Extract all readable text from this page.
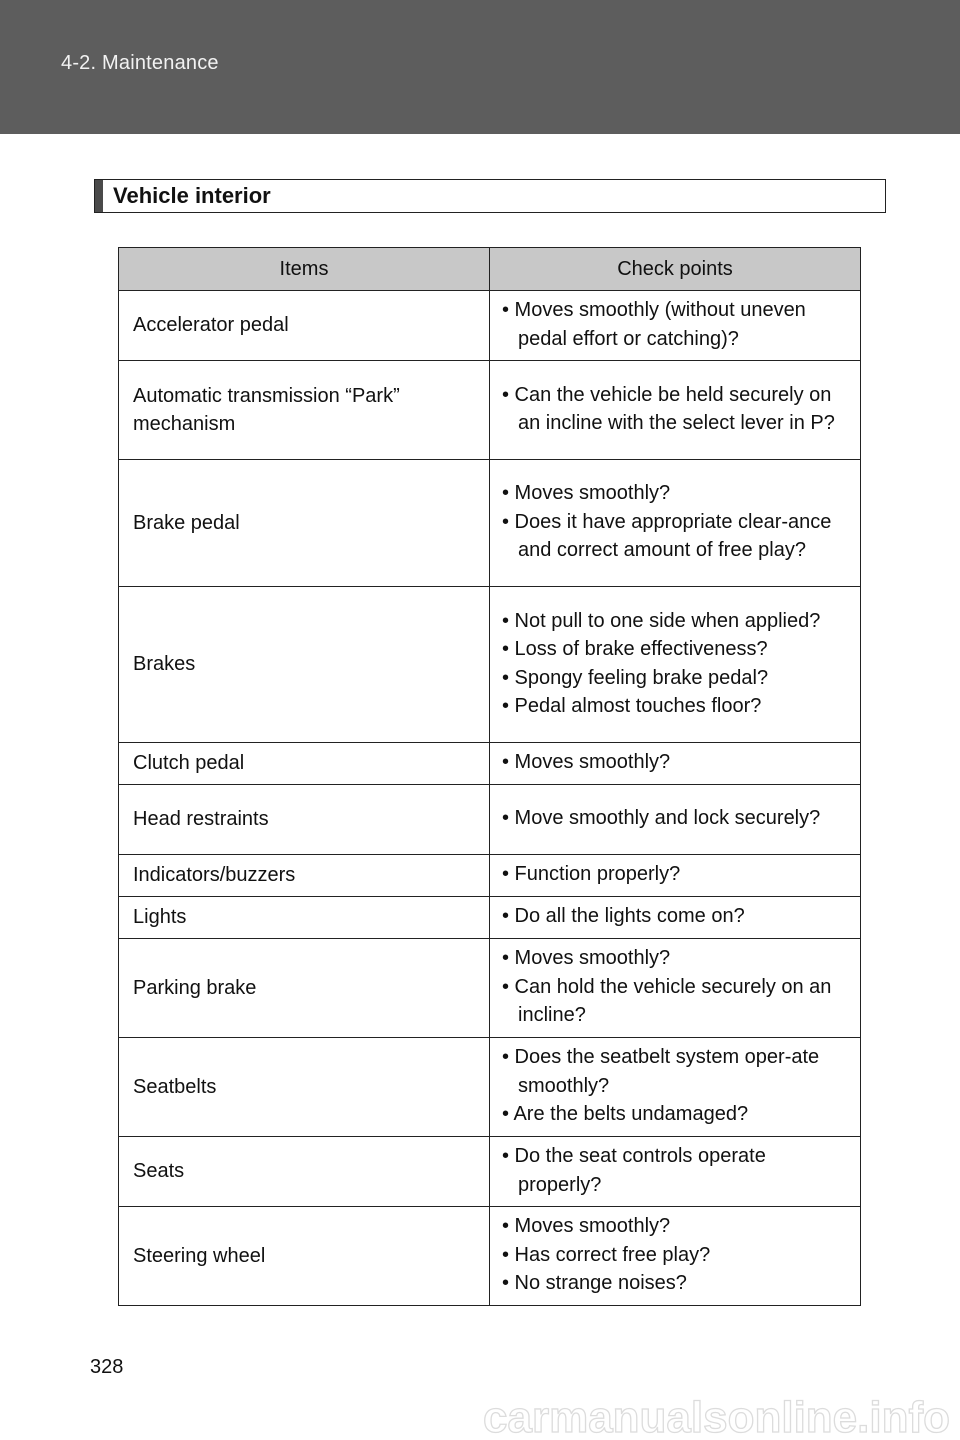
4-2. Maintenance
Vehicle interior
Items	Check points
Accelerator pedal	• Moves smoothly (without uneven pedal effort or catching)?

Automatic transmission “Park” mechanism	• Can the vehicle be held securely on an incline with the select lever in P?

Brake pedal	• Moves smoothly?
• Does it have appropriate clear-ance and correct amount of free play?

Brakes	• Not pull to one side when applied?
• Loss of brake effectiveness?
• Spongy feeling brake pedal?
• Pedal almost touches floor?

Clutch pedal	• Moves smoothly?

Head restraints	• Move smoothly and lock securely?

Indicators/buzzers	• Function properly?

Lights	• Do all the lights come on?

Parking brake	• Moves smoothly?
• Can hold the vehicle securely on an incline?

Seatbelts	• Does the seatbelt system oper-ate smoothly?
• Are the belts undamaged?

Seats	• Do the seat controls operate properly?

Steering wheel	• Moves smoothly?
• Has correct free play?
• No strange noises?
328
carmanualsonline.info
